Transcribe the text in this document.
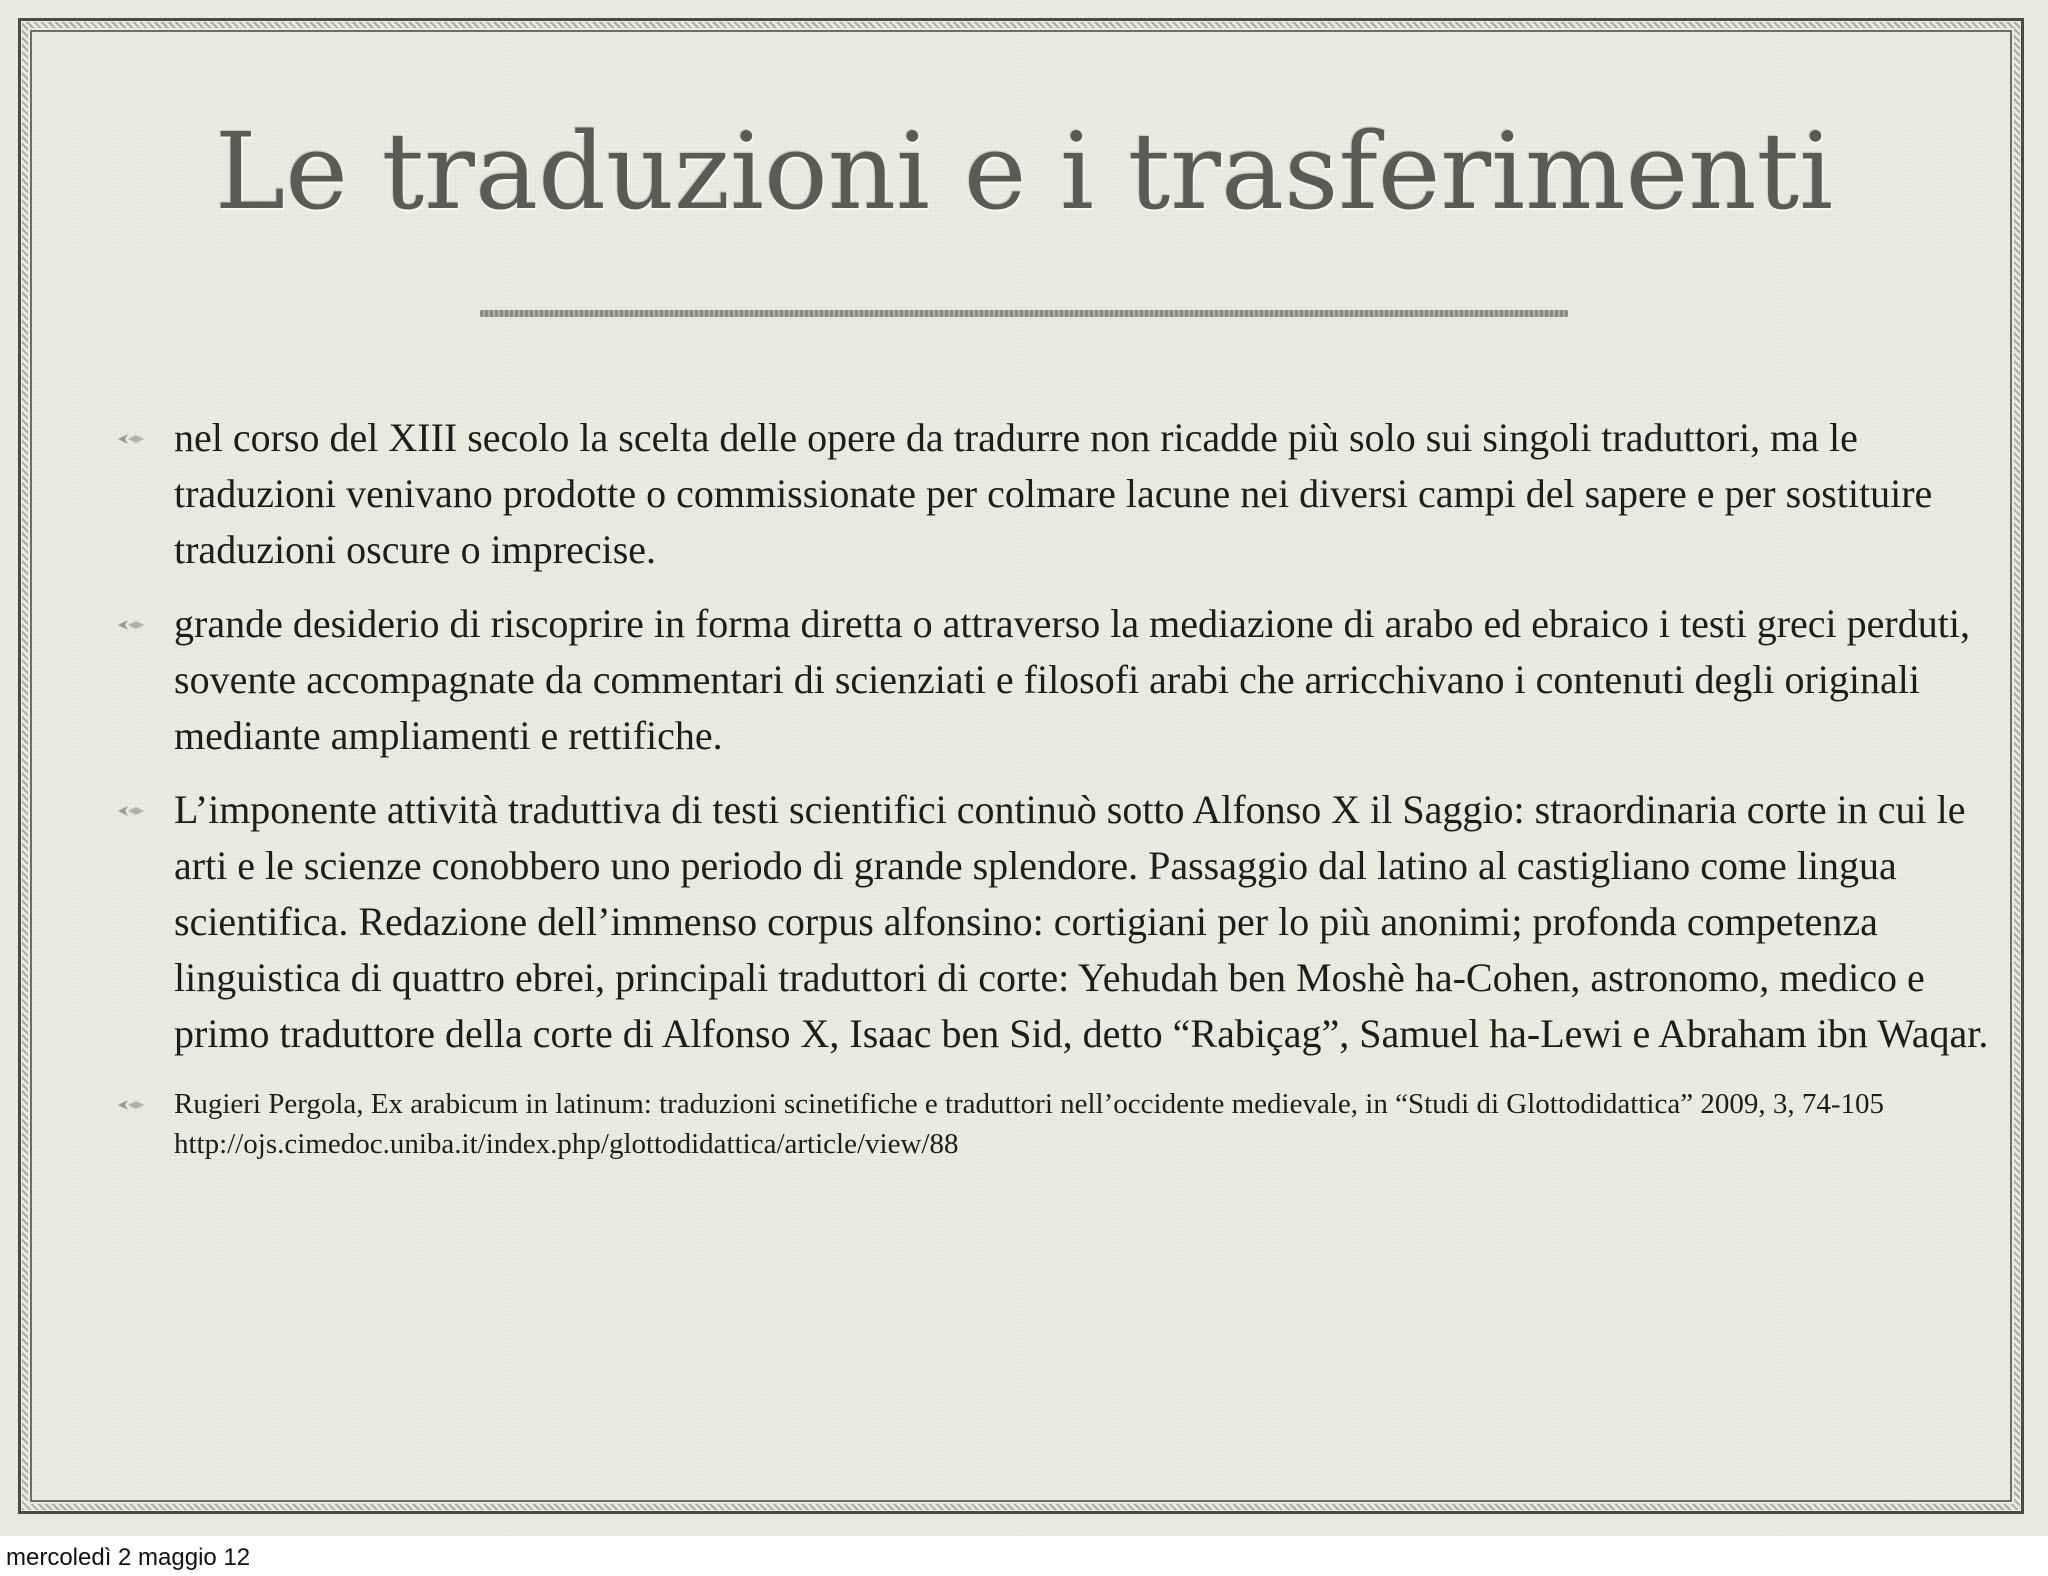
Le traduzioni e i trasferimenti
nel corso del XIII secolo la scelta delle opere da tradurre non ricadde più solo sui singoli traduttori, ma le traduzioni venivano prodotte o commissionate per colmare lacune nei diversi campi del sapere e per sostituire traduzioni oscure o imprecise.
grande desiderio di riscoprire in forma diretta o attraverso la mediazione di arabo ed ebraico i testi greci perduti, sovente accompagnate da commentari di scienziati e filosofi arabi che arricchivano i contenuti degli originali mediante ampliamenti e rettifiche.
L’imponente attività traduttiva di testi scientifici continuò sotto Alfonso X il Saggio: straordinaria corte in cui le arti e le scienze conobbero uno periodo di grande splendore. Passaggio dal latino al castigliano come lingua scientifica. Redazione dell’immenso corpus alfonsino: cortigiani per lo più anonimi; profonda competenza linguistica di quattro ebrei, principali traduttori di corte: Yehudah ben Moshè ha-Cohen, astronomo, medico e primo traduttore della corte di Alfonso X, Isaac ben Sid, detto “Rabiçag”, Samuel ha-Lewi e Abraham ibn Waqar.
Rugieri Pergola, Ex arabicum in latinum: traduzioni scinetifiche e traduttori nell’occidente medievale, in “Studi di Glottodidattica” 2009, 3, 74-105 http://ojs.cimedoc.uniba.it/index.php/glottodidattica/article/view/88
mercoledì 2 maggio 12
